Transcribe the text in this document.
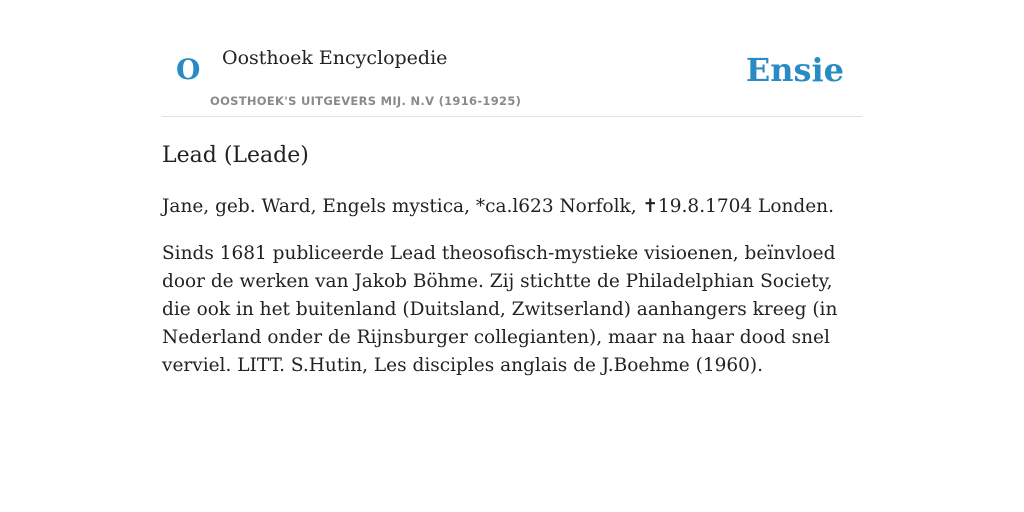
O Oosthoek Encyclopedie
OOSTHOEK'S UITGEVERS MIJ. N.V (1916-1925)
Ensie
Lead (Leade)

Jane, geb. Ward, Engels mystica, *ca.l623 Norfolk, ✝19.8.1704 Londen.

Sinds 1681 publiceerde Lead theosofisch-mystieke visioenen, beïnvloed door de werken van Jakob Böhme. Zij stichtte de Philadelphian Society, die ook in het buitenland (Duitsland, Zwitserland) aanhangers kreeg (in Nederland onder de Rijnsburger collegianten), maar na haar dood snel verviel. LITT. S.Hutin, Les disciples anglais de J.Boehme (1960).
